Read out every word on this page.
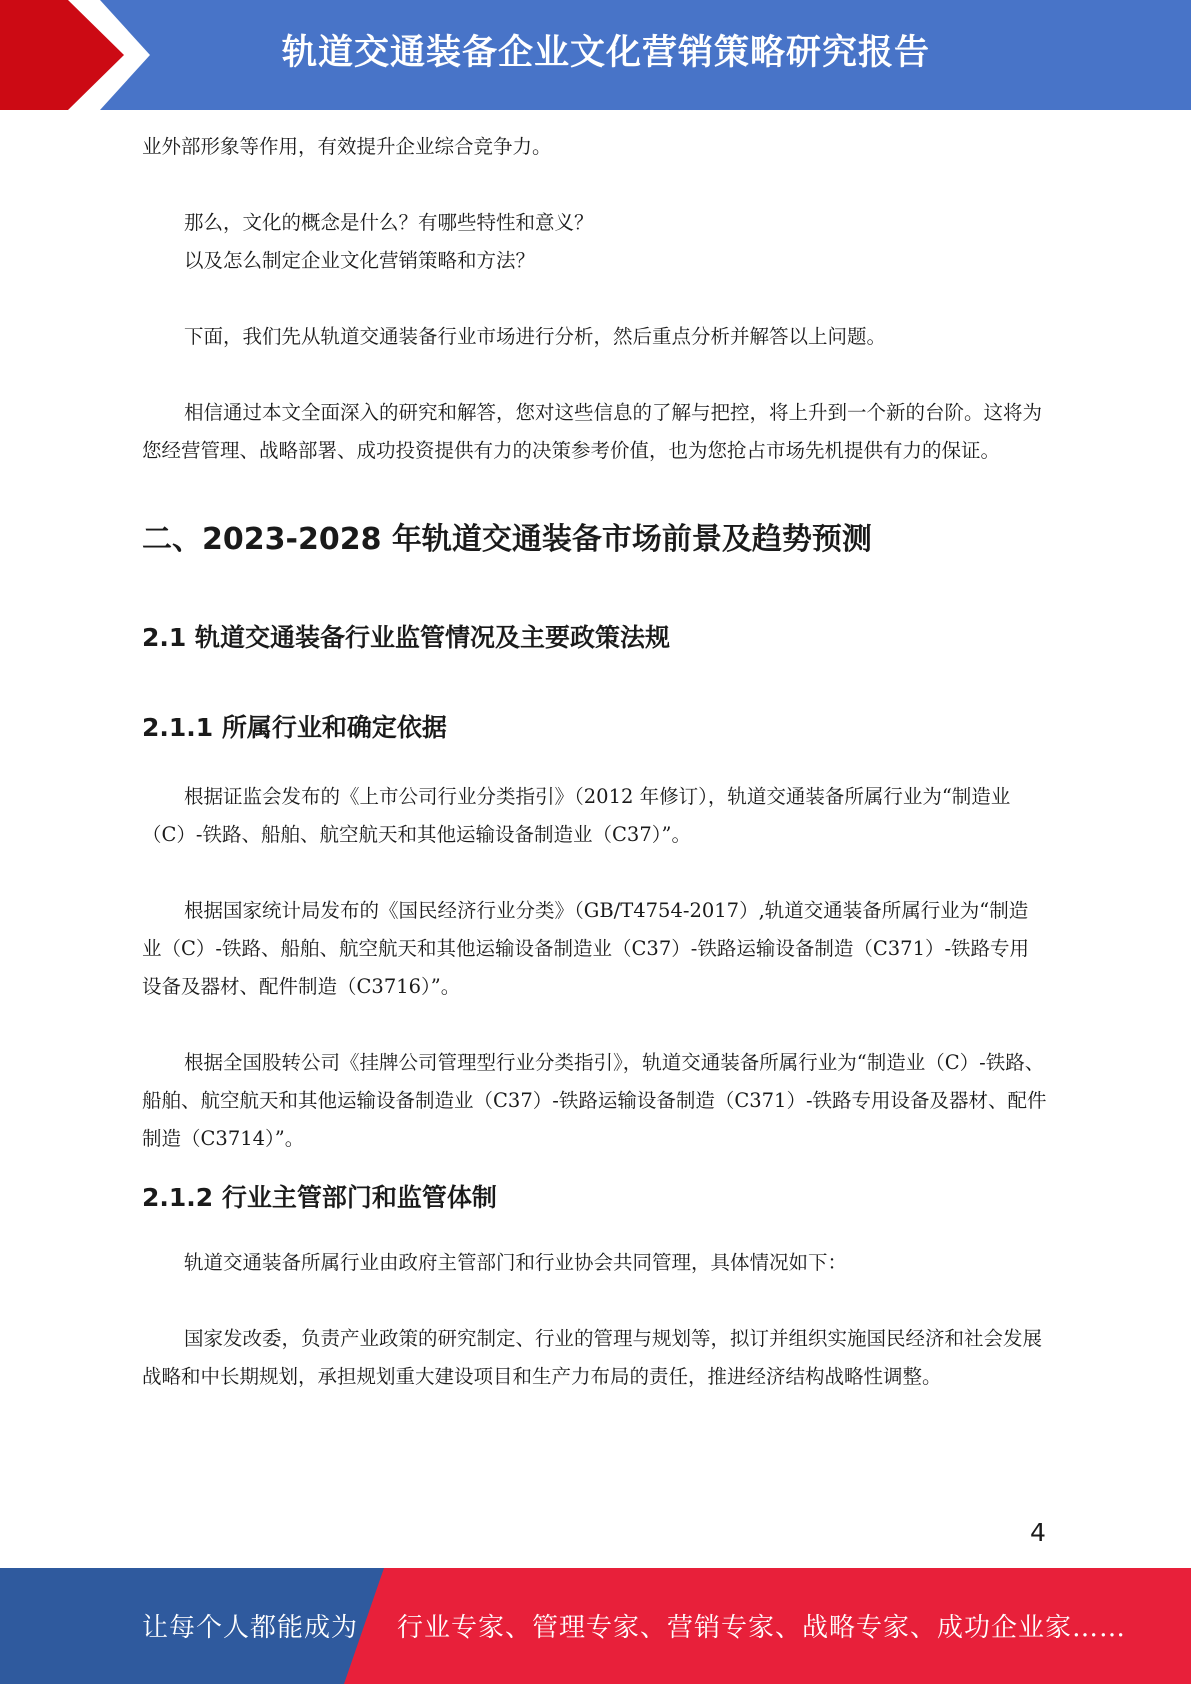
轨道交通装备企业文化营销策略研究报告

业外部形象等作用，有效提升企业综合竞争力。

那么，文化的概念是什么？有哪些特性和意义？

以及怎么制定企业文化营销策略和方法？

下面，我们先从轨道交通装备行业市场进行分析，然后重点分析并解答以上问题。

相信通过本文全面深入的研究和解答，您对这些信息的了解与把控，将上升到一个新的台阶。这将为您经营管理、战略部署、成功投资提供有力的决策参考价值，也为您抢占市场先机提供有力的保证。

二、2023-2028 年轨道交通装备市场前景及趋势预测
2.1 轨道交通装备行业监管情况及主要政策法规
2.1.1 所属行业和确定依据

根据证监会发布的《上市公司行业分类指引》（2012 年修订），轨道交通装备所属行业为“制造业（C）-铁路、船舶、航空航天和其他运输设备制造业（C37）”。

根据国家统计局发布的《国民经济行业分类》（GB/T4754-2017）,轨道交通装备所属行业为“制造业（C）-铁路、船舶、航空航天和其他运输设备制造业（C37）-铁路运输设备制造（C371）-铁路专用设备及器材、配件制造（C3716）”。

根据全国股转公司《挂牌公司管理型行业分类指引》，轨道交通装备所属行业为“制造业（C）-铁路、船舶、航空航天和其他运输设备制造业（C37）-铁路运输设备制造（C371）-铁路专用设备及器材、配件制造（C3714）”。

2.1.2 行业主管部门和监管体制

轨道交通装备所属行业由政府主管部门和行业协会共同管理，具体情况如下：

国家发改委，负责产业政策的研究制定、行业的管理与规划等，拟订并组织实施国民经济和社会发展战略和中长期规划，承担规划重大建设项目和生产力布局的责任，推进经济结构战略性调整。

4
让每个人都能成为 行业专家、管理专家、营销专家、战略专家、成功企业家……
